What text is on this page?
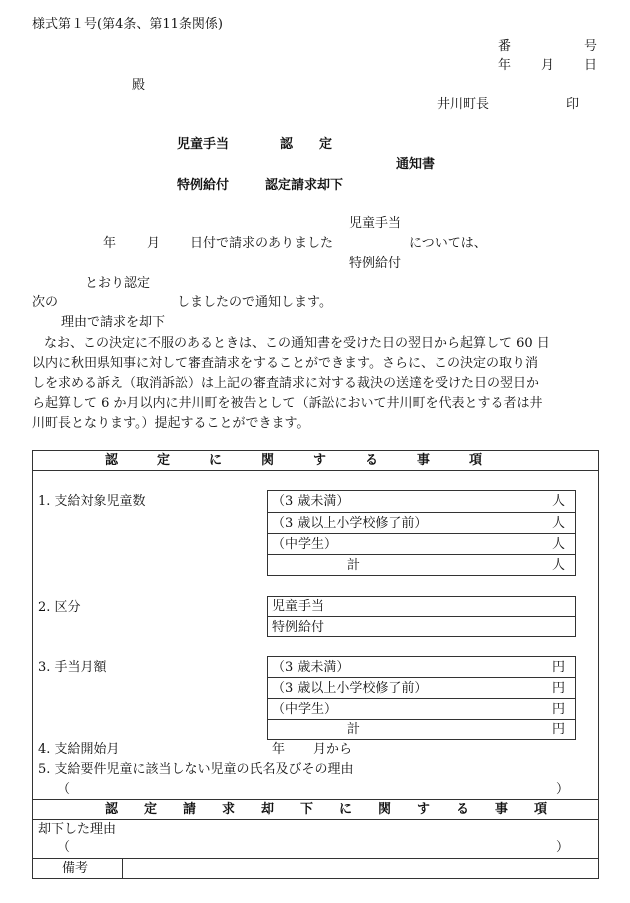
様式第１号(第4条、第11条関係)
番	号
年 月 日
殿
井川町長	印
児童手当	認　　定
通知書
特例給付	認定請求却下
児童手当
年 月 日付で請求のありました	については、
特例給付
とおり認定
次の	しましたので通知します。
理由で請求を却下
なお、この決定に不服のあるときは、この通知書を受けた日の翌日から起算して 60 日
以内に秋田県知事に対して審査請求をすることができます。さらに、この決定の取り消
しを求める訴え（取消訴訟）は上記の審査請求に対する裁決の送達を受けた日の翌日か
ら起算して 6 か月以内に井川町を被告として（訴訟において井川町を代表とする者は井
川町長となります。）提起することができます。
認　　　定　　　に　　　関　　　す　　　る　　　事　　　項
1. 支給対象児童数	（3 歳未満）	人
（3 歳以上小学校修了前）	人
（中学生）	人
計	人
2. 区分	児童手当
特例給付
3. 手当月額	（3 歳未満）	円
（3 歳以上小学校修了前）	円
（中学生）	円
計	円
4. 支給開始月	年 月から
5. 支給要件児童に該当しない児童の氏名及びその理由
（	）
認　　定　　請　　求　　却　　下　　に　　関　　す　　る　　事　　項
却下した理由
（	）
備考
